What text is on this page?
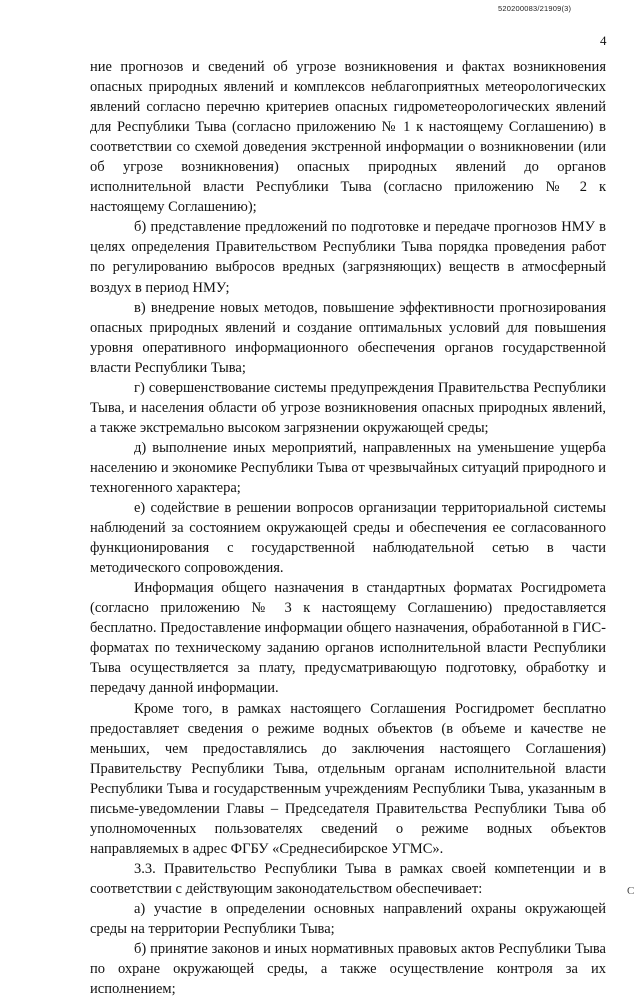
520200083/21909(3)
4

ние прогнозов и сведений об угрозе возникновения и фактах возникновения опасных природных явлений и комплексов неблагоприятных метеорологических явлений согласно перечню критериев опасных гидрометеорологических явлений для Республики Тыва (согласно приложению № 1 к настоящему Соглашению) в соответствии со схемой доведения экстренной информации о возникновении (или об угрозе возникновения) опасных природных явлений до органов исполнительной власти Республики Тыва (согласно приложению № 2 к настоящему Соглашению);

б) представление предложений по подготовке и передаче прогнозов НМУ в целях определения Правительством Республики Тыва порядка проведения работ по регулированию выбросов вредных (загрязняющих) веществ в атмосферный воздух в период НМУ;

в) внедрение новых методов, повышение эффективности прогнозирования опасных природных явлений и создание оптимальных условий для повышения уровня оперативного информационного обеспечения органов государственной власти Республики Тыва;

г) совершенствование системы предупреждения Правительства Республики Тыва, и населения области об угрозе возникновения опасных природных явлений, а также экстремально высоком загрязнении окружающей среды;

д) выполнение иных мероприятий, направленных на уменьшение ущерба населению и экономике Республики Тыва от чрезвычайных ситуаций природного и техногенного характера;

е) содействие в решении вопросов организации территориальной системы наблюдений за состоянием окружающей среды и обеспечения ее согласованного функционирования с государственной наблюдательной сетью в части методического сопровождения.

Информация общего назначения в стандартных форматах Росгидромета (согласно приложению № 3 к настоящему Соглашению) предоставляется бесплатно. Предоставление информации общего назначения, обработанной в ГИС-форматах по техническому заданию органов исполнительной власти Республики Тыва осуществляется за плату, предусматривающую подготовку, обработку и передачу данной информации.

Кроме того, в рамках настоящего Соглашения Росгидромет бесплатно предоставляет сведения о режиме водных объектов (в объеме и качестве не меньших, чем предоставлялись до заключения настоящего Соглашения) Правительству Республики Тыва, отдельным органам исполнительной власти Республики Тыва и государственным учреждениям Республики Тыва, указанным в письме-уведомлении Главы – Председателя Правительства Республики Тыва об уполномоченных пользователях сведений о режиме водных объектов направляемых в адрес ФГБУ «Среднесибирское УГМС».

3.3. Правительство Республики Тыва в рамках своей компетенции и в соответствии с действующим законодательством обеспечивает:

а) участие в определении основных направлений охраны окружающей среды на территории Республики Тыва;

б) принятие законов и иных нормативных правовых актов Республики Тыва по охране окружающей среды, а также осуществление контроля за их исполнением;

С
